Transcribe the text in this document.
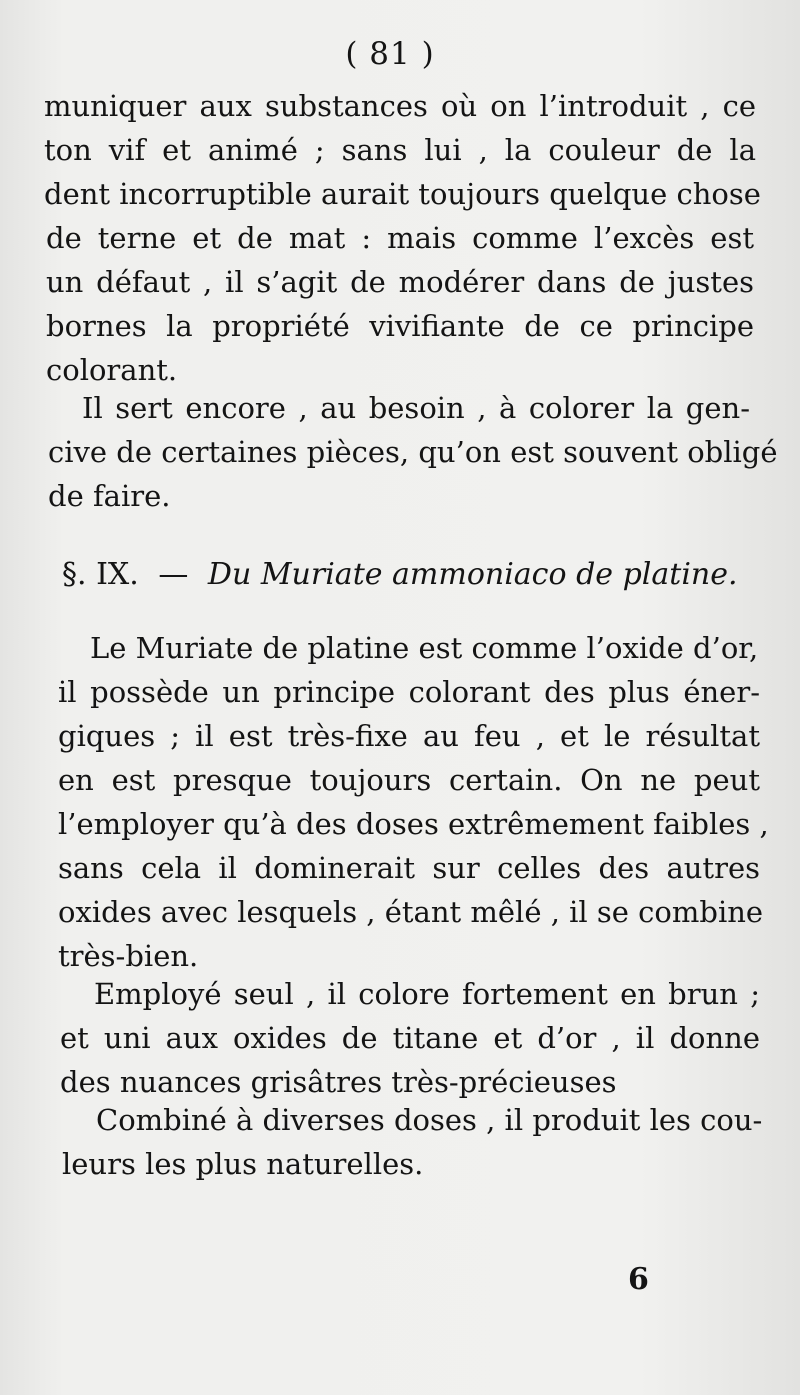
( 81 )
muniquer aux substances où on l’introduit , ce
ton vif et animé ; sans lui , la couleur de la
dent incorruptible aurait toujours quelque chose
de terne et de mat : mais comme l’excès est
un défaut , il s’agit de modérer dans de justes
bornes la propriété vivifiante de ce principe
colorant.
Il sert encore , au besoin , à colorer la gen-
cive de certaines pièces, qu’on est souvent obligé
de faire.
§. IX. — Du Muriate ammoniaco de platine.
Le Muriate de platine est comme l’oxide d’or,
il possède un principe colorant des plus éner-
giques ; il est très-fixe au feu , et le résultat
en est presque toujours certain. On ne peut
l’employer qu’à des doses extrêmement faibles ,
sans cela il dominerait sur celles des autres
oxides avec lesquels , étant mêlé , il se combine
très-bien.
Employé seul , il colore fortement en brun ;
et uni aux oxides de titane et d’or , il donne
des nuances grisâtres très-précieuses
Combiné à diverses doses , il produit les cou-
leurs les plus naturelles.
6
